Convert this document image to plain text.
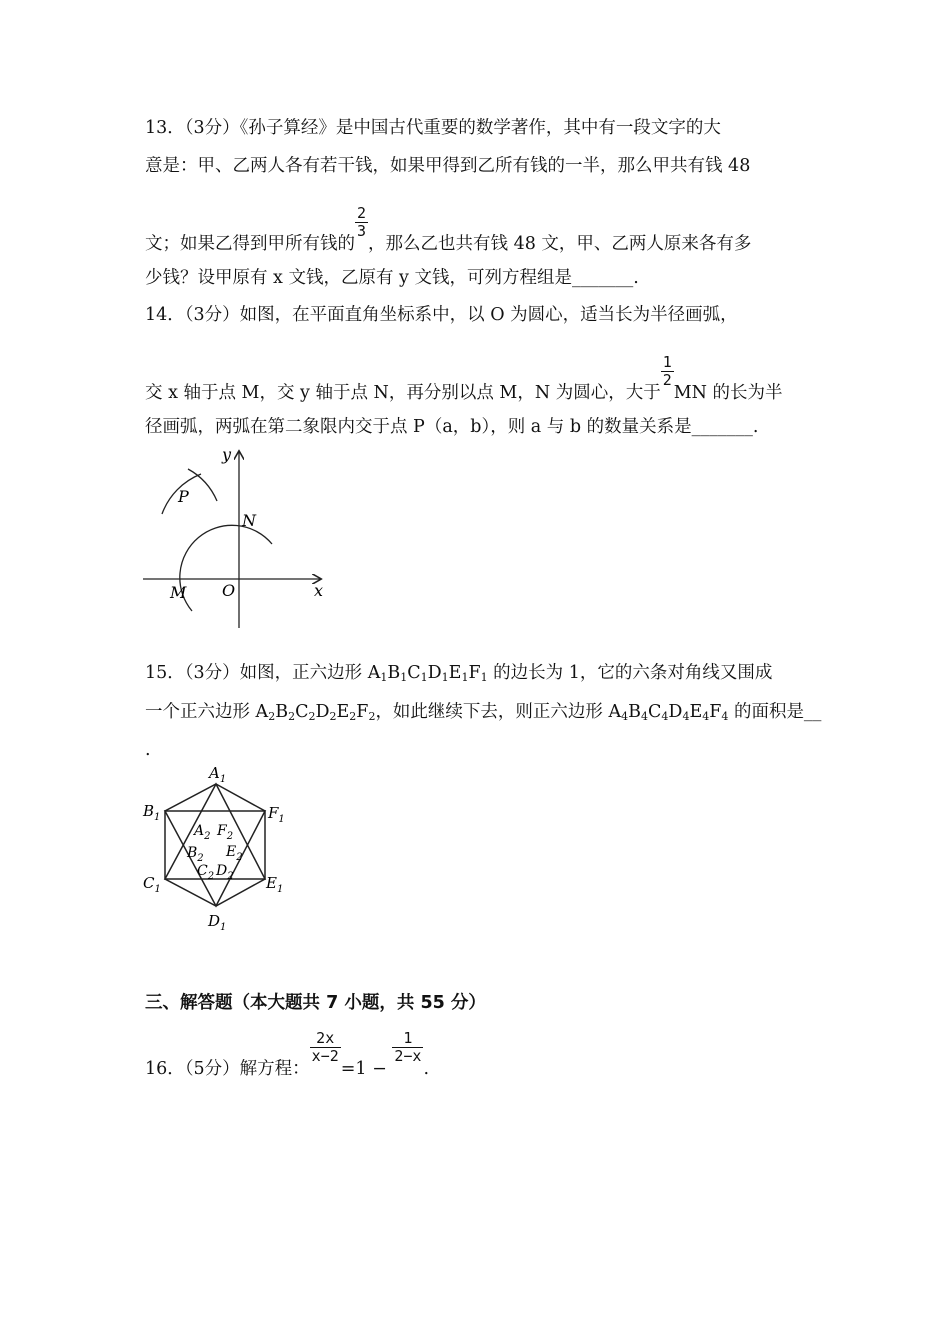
13．（3分）《孙子算经》是中国古代重要的数学著作，其中有一段文字的大
意是：甲、乙两人各有若干钱，如果甲得到乙所有钱的一半，那么甲共有钱 48
文；如果乙得到甲所有钱的
$\frac{2}{3}$
，那么乙也共有钱 48 文，甲、乙两人原来各有多
少钱？设甲原有 x 文钱，乙原有 y 文钱，可列方程组是_______.
14．（3分）如图，在平面直角坐标系中，以 O 为圆心，适当长为半径画弧，
交 x 轴于点 M，交 y 轴于点 N，再分别以点 M，N 为圆心，大于
$\frac{1}{2}$
MN 的长为半
径画弧，两弧在第二象限内交于点 P（a，b），则 a 与 b 的数量关系是_______.
y
x
P
N
M O
15．（3分）如图，正六边形 $A_1B_1C_1D_1E_1F_1$ 的边长为 1，它的六条对角线又围成
一个正六边形 $A_2B_2C_2D_2E_2F_2$，如此继续下去，则正六边形 $A_4B_4C_4D_4E_4F_4$ 的面积是__
.
$A_1$
$B_1$
$C_1$
$D_1$
$E_1$
$F_1$
$A_2$ $F_2$
$B_2$ $E_2$
$C_2$ $D_2$
三、解答题（本大题共 7 小题，共 55 分）
16．（5分）解方程：
$\frac{2x}{x-2}$
=1 −
$\frac{1}{2-x}$
.
